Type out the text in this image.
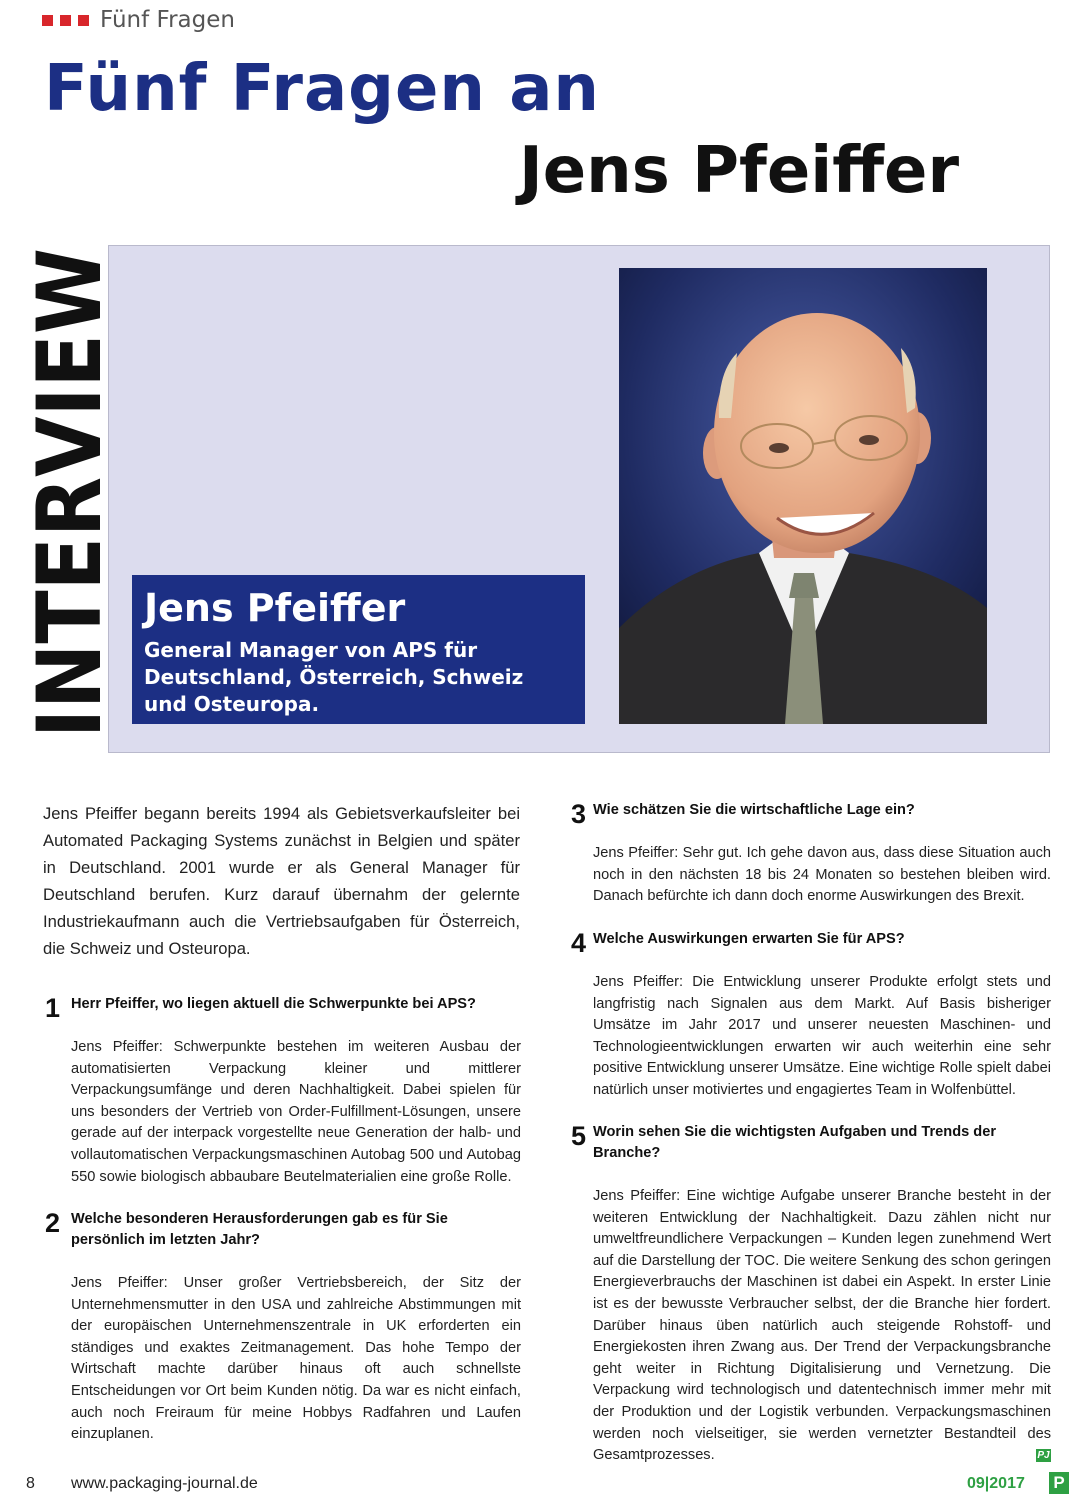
Fünf Fragen
Fünf Fragen an
Jens Pfeiffer
INTERVIEW Jens Pfeiffer
General Manager von APS für Deutschland, Österreich, Schweiz und Osteuropa.
Jens Pfeiffer begann bereits 1994 als Gebietsverkaufsleiter bei Automated Packaging Systems zunächst in Belgien und später in Deutschland. 2001 wurde er als General Manager für Deutschland berufen. Kurz darauf übernahm der gelernte Industriekaufmann auch die Vertriebsaufgaben für Österreich, die Schweiz und Osteuropa.
1 Herr Pfeiffer, wo liegen aktuell die Schwerpunkte bei APS?
Jens Pfeiffer: Schwerpunkte bestehen im weiteren Ausbau der automatisierten Verpackung kleiner und mittlerer Verpackungsumfänge und deren Nachhaltigkeit. Dabei spielen für uns besonders der Vertrieb von Order-Fulfillment-Lösungen, unsere gerade auf der interpack vorgestellte neue Generation der halb- und vollautomatischen Verpackungsmaschinen Autobag 500 und Autobag 550 sowie biologisch abbaubare Beutelmaterialien eine große Rolle.
2 Welche besonderen Herausforderungen gab es für Sie persönlich im letzten Jahr?
Jens Pfeiffer: Unser großer Vertriebsbereich, der Sitz der Unternehmensmutter in den USA und zahlreiche Abstimmungen mit der europäischen Unternehmenszentrale in UK erforderten ein ständiges und exaktes Zeitmanagement. Das hohe Tempo der Wirtschaft machte darüber hinaus oft auch schnellste Entscheidungen vor Ort beim Kunden nötig. Da war es nicht einfach, auch noch Freiraum für meine Hobbys Radfahren und Laufen einzuplanen.
3 Wie schätzen Sie die wirtschaftliche Lage ein?
Jens Pfeiffer: Sehr gut. Ich gehe davon aus, dass diese Situation auch noch in den nächsten 18 bis 24 Monaten so bestehen bleiben wird. Danach befürchte ich dann doch enorme Auswirkungen des Brexit.
4 Welche Auswirkungen erwarten Sie für APS?
Jens Pfeiffer: Die Entwicklung unserer Produkte erfolgt stets und langfristig nach Signalen aus dem Markt. Auf Basis bisheriger Umsätze im Jahr 2017 und unserer neuesten Maschinen- und Technologieentwicklungen erwarten wir auch weiterhin eine sehr positive Entwicklung unserer Umsätze. Eine wichtige Rolle spielt dabei natürlich unser motiviertes und engagiertes Team in Wolfenbüttel.
5 Worin sehen Sie die wichtigsten Aufgaben und Trends der Branche?
Jens Pfeiffer: Eine wichtige Aufgabe unserer Branche besteht in der weiteren Entwicklung der Nachhaltigkeit. Dazu zählen nicht nur umweltfreundlichere Verpackungen – Kunden legen zunehmend Wert auf die Darstellung der TOC. Die weitere Senkung des schon geringen Energieverbrauchs der Maschinen ist dabei ein Aspekt. In erster Linie ist es der bewusste Verbraucher selbst, der die Branche hier fordert. Darüber hinaus üben natürlich auch steigende Rohstoff- und Energiekosten ihren Zwang aus. Der Trend der Verpackungsbranche geht weiter in Richtung Digitalisierung und Vernetzung. Die Verpackung wird technologisch und datentechnisch immer mehr mit der Produktion und der Logistik verbunden. Verpackungsmaschinen werden noch vielseitiger, sie werden vernetzter Bestandteil des Gesamtprozesses.	PJ
8 www.packaging-journal.de	09|2017 P
